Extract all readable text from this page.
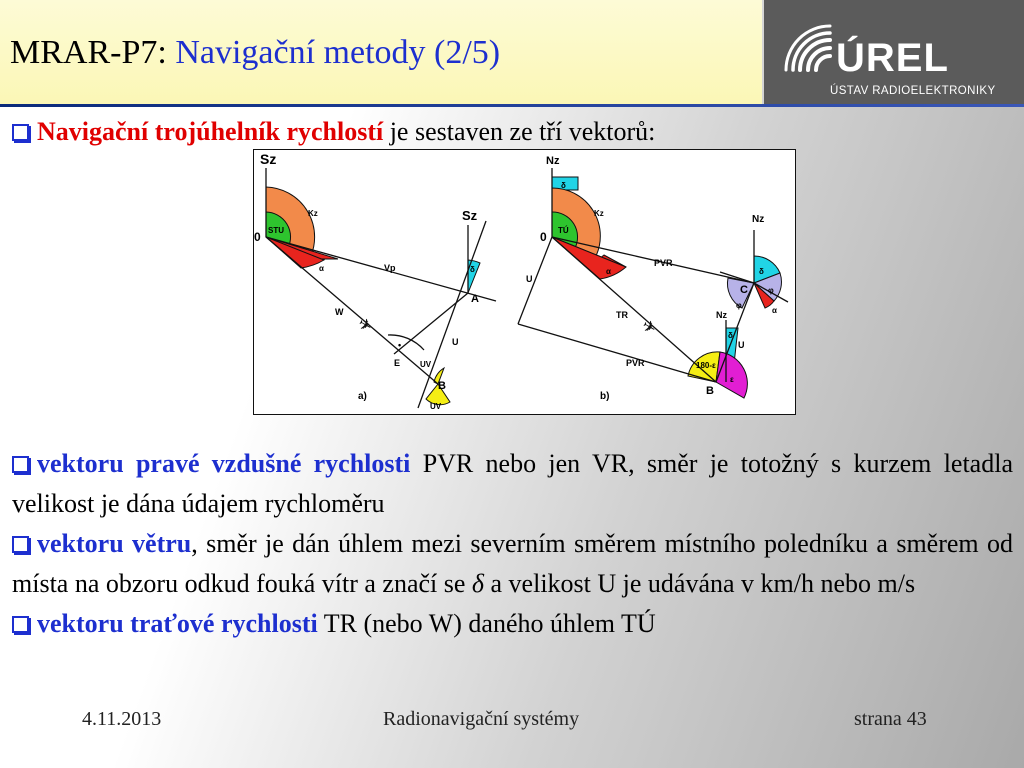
MRAR-P7: Navigační metody (2/5)	ÚREL
ÚSTAV RADIOELEKTRONIKY
Navigační trojúhelník rychlostí je sestaven ze tří vektorů:
Sz
Sz
0 STU
Kz
α	Vp	δ
A
W
•
E
U
UV
B
UV
a)
✈
Nz
δ
Kz
0 TÚ
α
PVR
U
TR
Nz
C
δ
φ
φ
α
Nz
δ
U
PVR	180-ε
ε
B
b)
✈

vektoru pravé vzdušné rychlosti PVR nebo jen VR, směr je totožný s kurzem letadla velikost je dána údajem rychloměru

vektoru větru, směr je dán úhlem mezi severním směrem místního poledníku a směrem od místa na obzoru odkud fouká vítr a značí se δ a velikost U je udávána v km/h nebo m/s

vektoru traťové rychlosti TR (nebo W) daného úhlem TÚ

4.11.2013	Radionavigační systémy	strana 43
